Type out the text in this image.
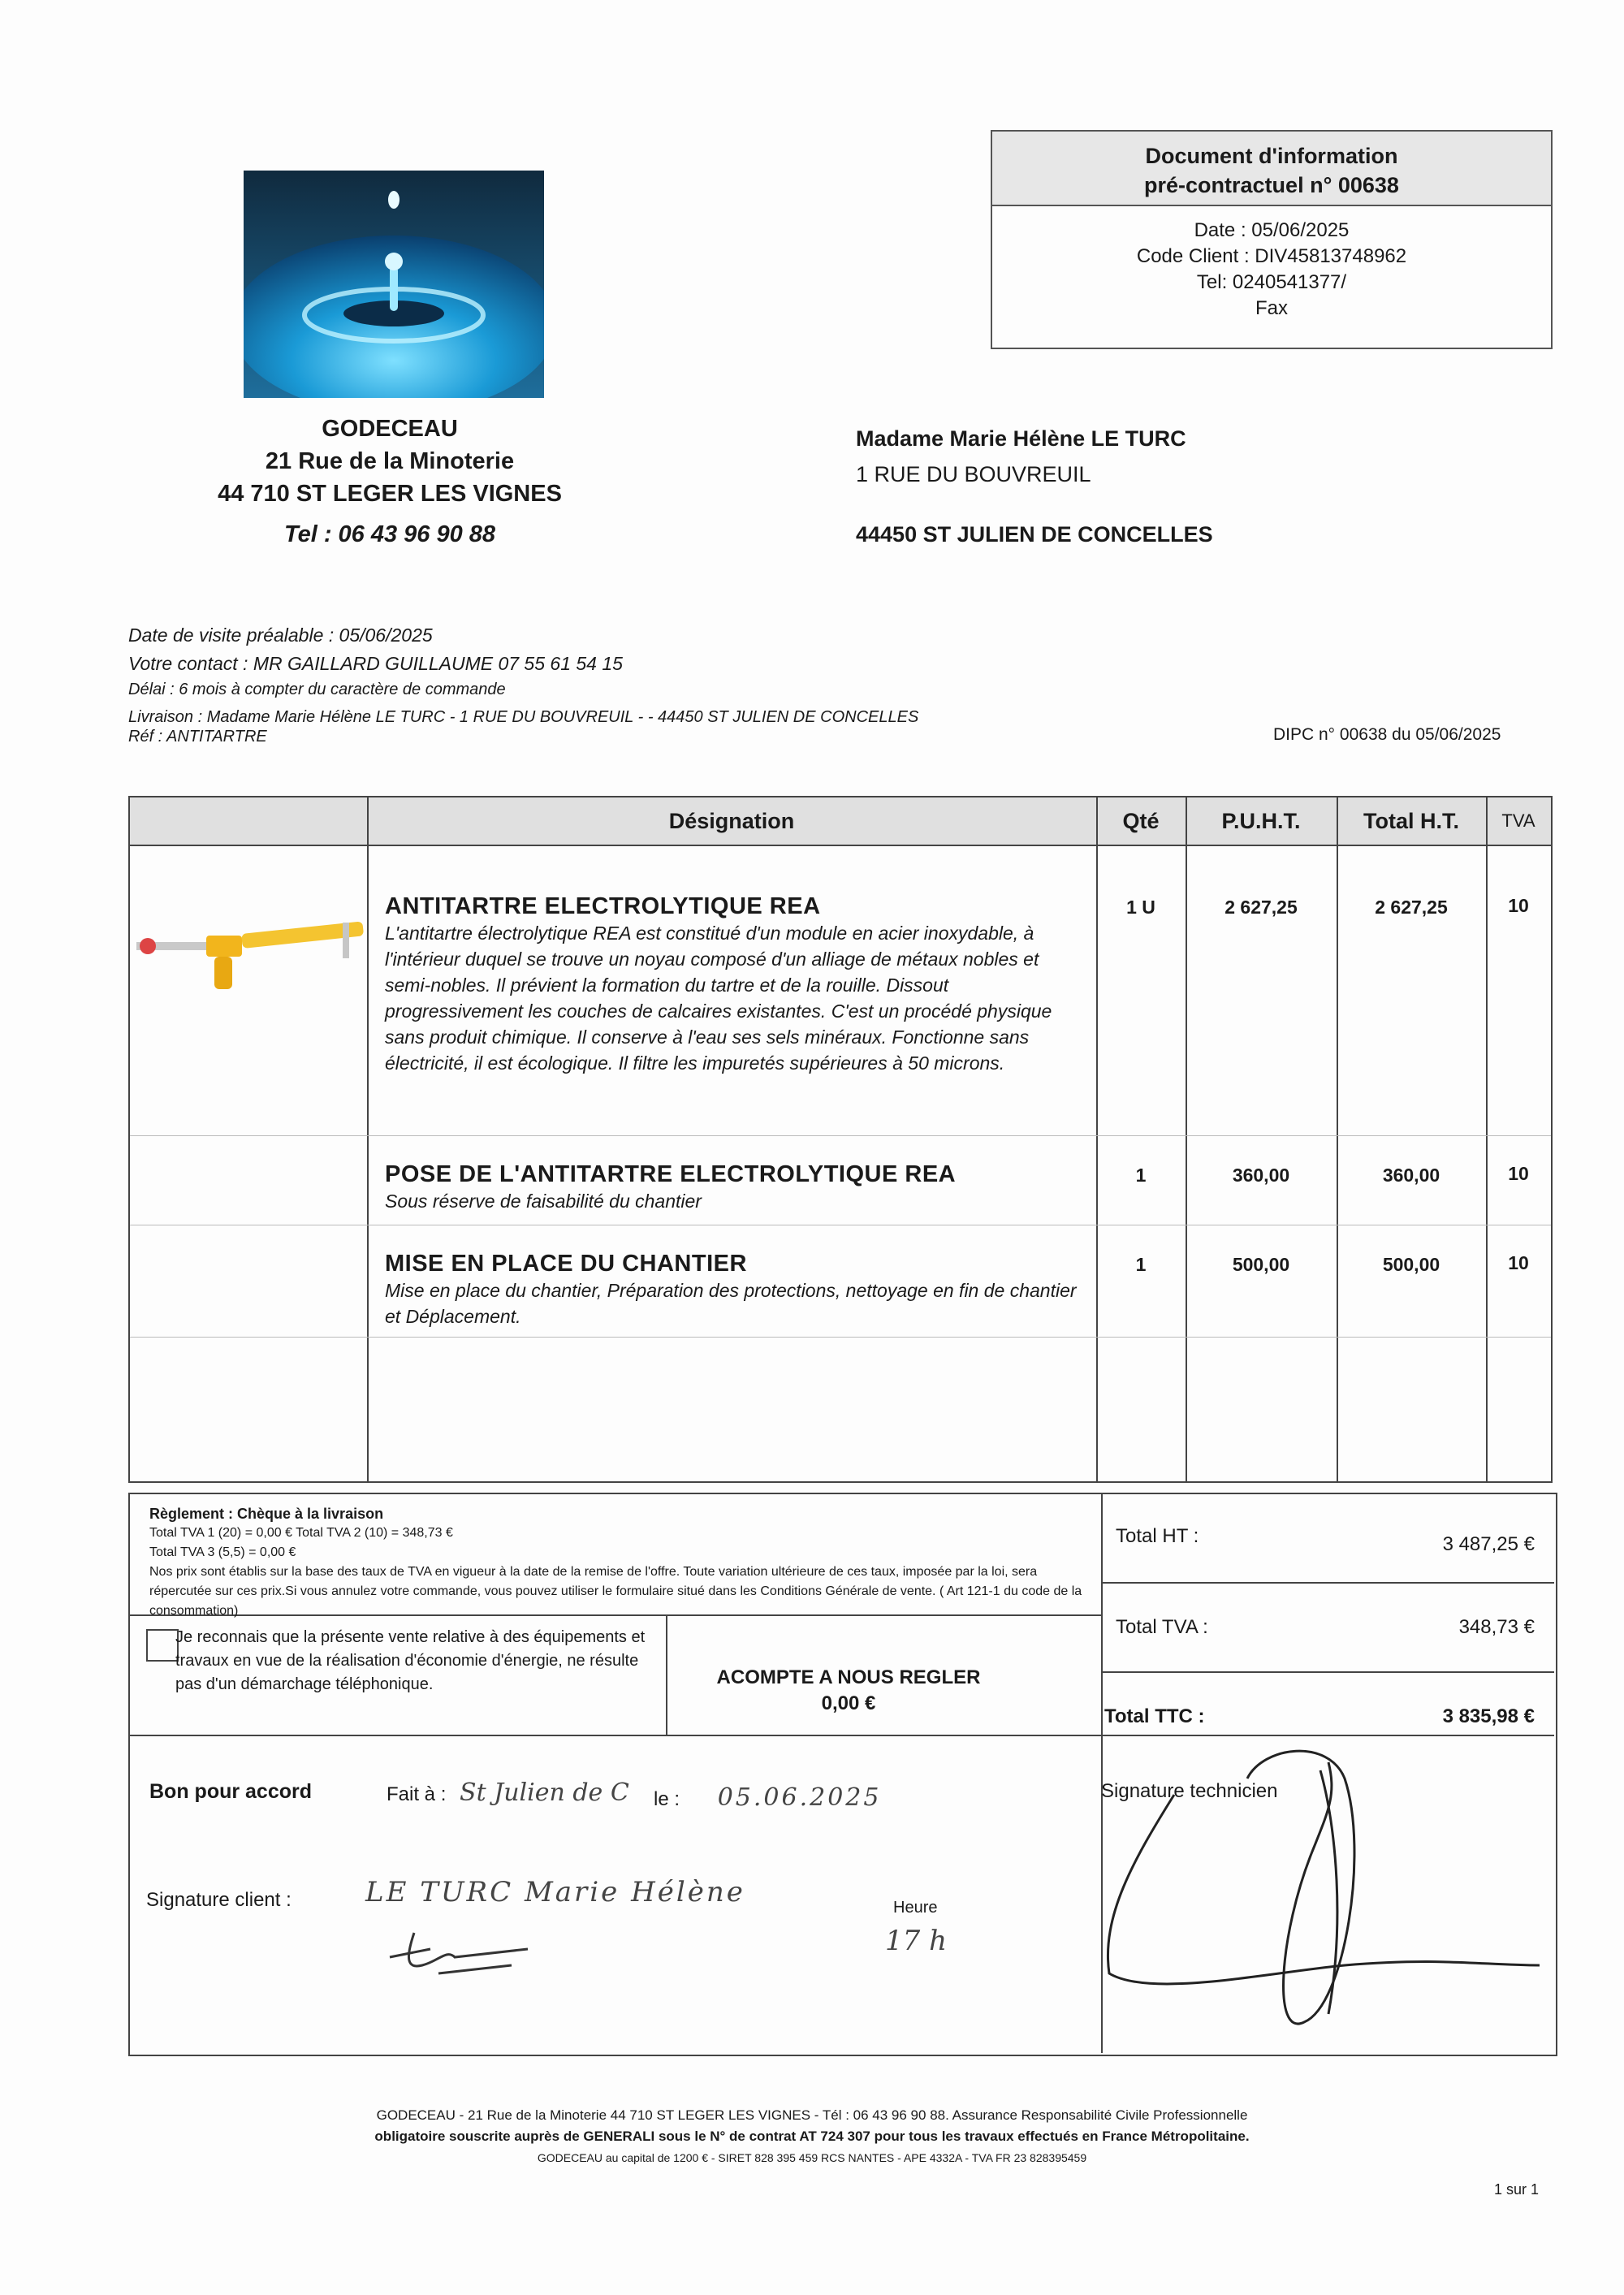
GODECEAU
21 Rue de la Minoterie
44 710 ST LEGER LES VIGNES
Tel : 06 43 96 90 88
Document d'information
pré-contractuel n° 00638
Date : 05/06/2025
Code Client : DIV45813748962
Tel: 0240541377/
Fax
Madame Marie Hélène LE TURC
1 RUE DU BOUVREUIL
44450 ST JULIEN DE CONCELLES
Date de visite préalable : 05/06/2025
Votre contact : MR GAILLARD GUILLAUME 07 55 61 54 15
Délai : 6 mois à compter du caractère de commande
Livraison : Madame Marie Hélène LE TURC - 1 RUE DU BOUVREUIL - - 44450 ST JULIEN DE CONCELLES
Réf : ANTITARTRE	DIPC n° 00638 du 05/06/2025
Désignation	Qté	P.U.H.T.	Total H.T.	TVA
ANTITARTRE ELECTROLYTIQUE REA
L'antitartre électrolytique REA est constitué d'un module en acier inoxydable, à l'intérieur duquel se trouve un noyau composé d'un alliage de métaux nobles et semi-nobles. Il prévient la formation du tartre et de la rouille. Dissout progressivement les couches de calcaires existantes. C'est un procédé physique sans produit chimique. Il conserve à l'eau ses sels minéraux. Fonctionne sans électricité, il est écologique. Il filtre les impuretés supérieures à 50 microns.
1 U	2 627,25	2 627,25	10
POSE DE L'ANTITARTRE ELECTROLYTIQUE REA
Sous réserve de faisabilité du chantier
1	360,00	360,00	10
MISE EN PLACE DU CHANTIER
Mise en place du chantier, Préparation des protections, nettoyage en fin de chantier et Déplacement.
1	500,00	500,00	10
Règlement : Chèque à la livraison
Total TVA 1 (20) = 0,00 € Total TVA 2 (10) = 348,73 €
Total TVA 3 (5,5) = 0,00 €
Nos prix sont établis sur la base des taux de TVA en vigueur à la date de la remise de l'offre. Toute variation ultérieure de ces taux, imposée par la loi, sera répercutée sur ces prix.Si vous annulez votre commande, vous pouvez utiliser le formulaire situé dans les Conditions Générale de vente. ( Art 121-1 du code de la consommation)
Je reconnais que la présente vente relative à des équipements et travaux en vue de la réalisation d'économie d'énergie, ne résulte pas d'un démarchage téléphonique.	ACOMPTE A NOUS REGLER
0,00 €
Total HT :	3 487,25 €
Total TVA :	348,73 €
Total TTC :	3 835,98 €
Bon pour accord	Fait à : St Julien de C le : 05.06.2025	Signature technicien
Signature client :	LE TURC Marie Hélène	Heure
17 h
GODECEAU - 21 Rue de la Minoterie 44 710 ST LEGER LES VIGNES - Tél : 06 43 96 90 88. Assurance Responsabilité Civile Professionnelle
obligatoire souscrite auprès de GENERALI sous le N° de contrat AT 724 307 pour tous les travaux effectués en France Métropolitaine.
GODECEAU au capital de 1200 € - SIRET 828 395 459 RCS NANTES - APE 4332A - TVA FR 23 828395459
1 sur 1
